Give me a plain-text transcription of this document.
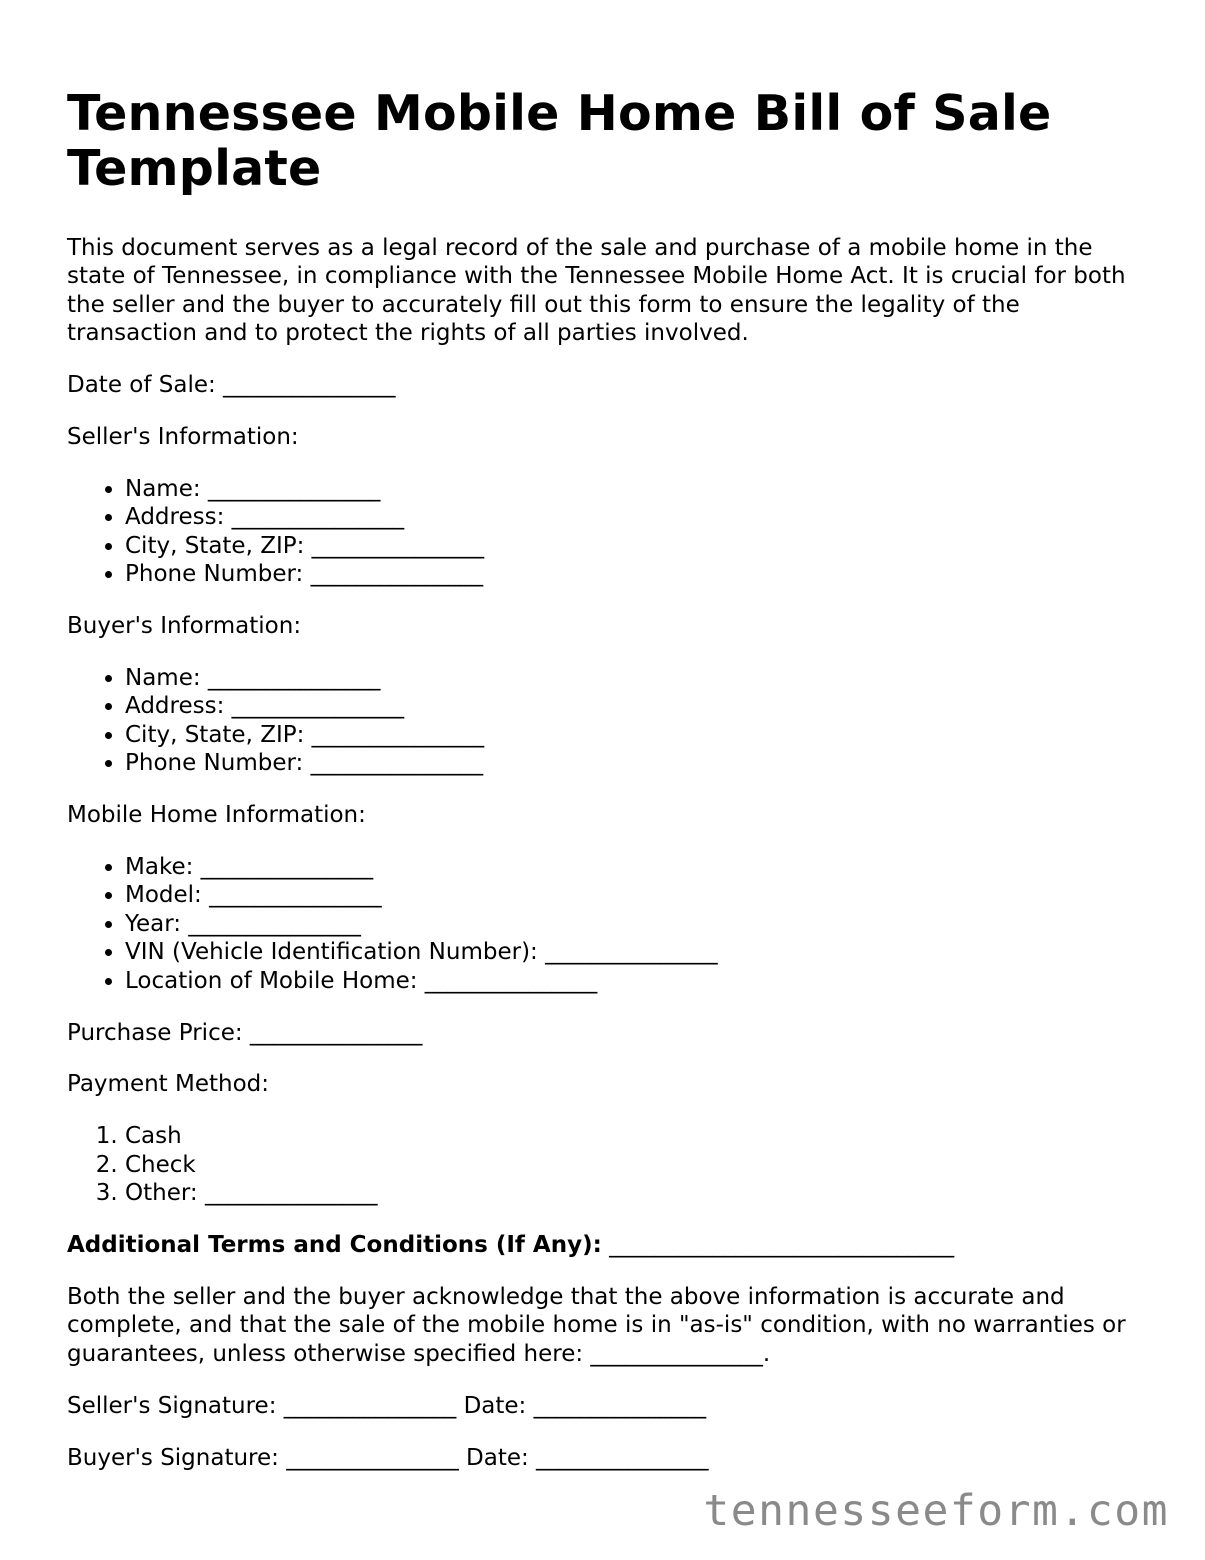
Tennessee Mobile Home Bill of Sale Template

This document serves as a legal record of the sale and purchase of a mobile home in the state of Tennessee, in compliance with the Tennessee Mobile Home Act. It is crucial for both the seller and the buyer to accurately fill out this form to ensure the legality of the transaction and to protect the rights of all parties involved.

Date of Sale: _______________

Seller's Information:

• Name: _______________
• Address: _______________
• City, State, ZIP: _______________
• Phone Number: _______________

Buyer's Information:

• Name: _______________
• Address: _______________
• City, State, ZIP: _______________
• Phone Number: _______________

Mobile Home Information:

• Make: _______________
• Model: _______________
• Year: _______________
• VIN (Vehicle Identification Number): _______________
• Location of Mobile Home: _______________

Purchase Price: _______________

Payment Method:

1. Cash
2. Check
3. Other: _______________

Additional Terms and Conditions (If Any): ______________________________

Both the seller and the buyer acknowledge that the above information is accurate and complete, and that the sale of the mobile home is in "as-is" condition, with no warranties or guarantees, unless otherwise specified here: _______________.

Seller's Signature: _______________ Date: _______________

Buyer's Signature: _______________ Date: _______________

tennesseeform.com
